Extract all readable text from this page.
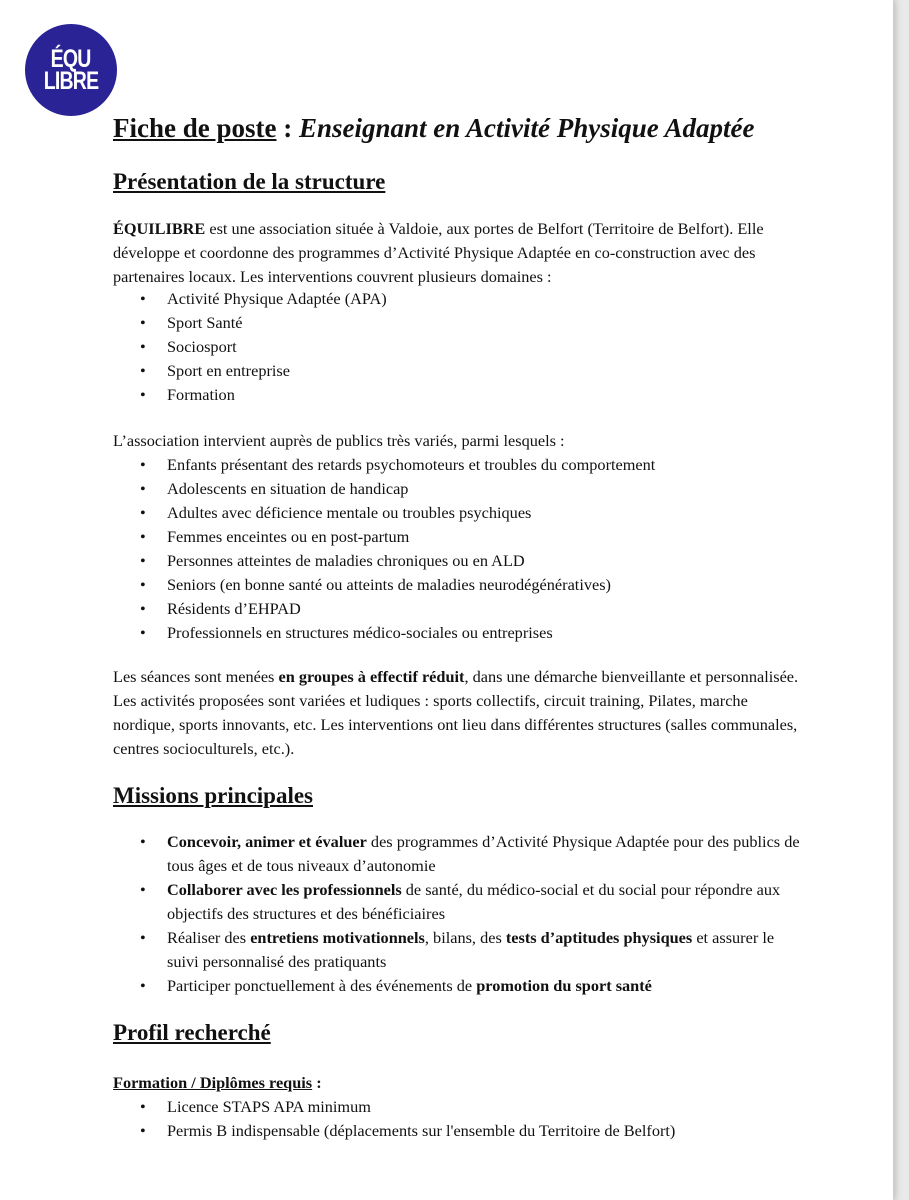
ÉQU
LIBRE
Fiche de poste : Enseignant en Activité Physique Adaptée
Présentation de la structure

ÉQUILIBRE est une association située à Valdoie, aux portes de Belfort (Territoire de Belfort). Elle développe et coordonne des programmes d’Activité Physique Adaptée en co-construction avec des partenaires locaux. Les interventions couvrent plusieurs domaines :

• Activité Physique Adaptée (APA)
• Sport Santé
• Sociosport
• Sport en entreprise
• Formation

L’association intervient auprès de publics très variés, parmi lesquels :

• Enfants présentant des retards psychomoteurs et troubles du comportement
• Adolescents en situation de handicap
• Adultes avec déficience mentale ou troubles psychiques
• Femmes enceintes ou en post-partum
• Personnes atteintes de maladies chroniques ou en ALD
• Seniors (en bonne santé ou atteints de maladies neurodégénératives)
• Résidents d’EHPAD
• Professionnels en structures médico-sociales ou entreprises

Les séances sont menées en groupes à effectif réduit, dans une démarche bienveillante et personnalisée. Les activités proposées sont variées et ludiques : sports collectifs, circuit training, Pilates, marche nordique, sports innovants, etc. Les interventions ont lieu dans différentes structures (salles communales, centres socioculturels, etc.).

Missions principales
• Concevoir, animer et évaluer des programmes d’Activité Physique Adaptée pour des publics de tous âges et de tous niveaux d’autonomie
• Collaborer avec les professionnels de santé, du médico-social et du social pour répondre aux objectifs des structures et des bénéficiaires
• Réaliser des entretiens motivationnels, bilans, des tests d’aptitudes physiques et assurer le suivi personnalisé des pratiquants
• Participer ponctuellement à des événements de promotion du sport santé
Profil recherché

Formation / Diplômes requis :

• Licence STAPS APA minimum
• Permis B indispensable (déplacements sur l'ensemble du Territoire de Belfort)
